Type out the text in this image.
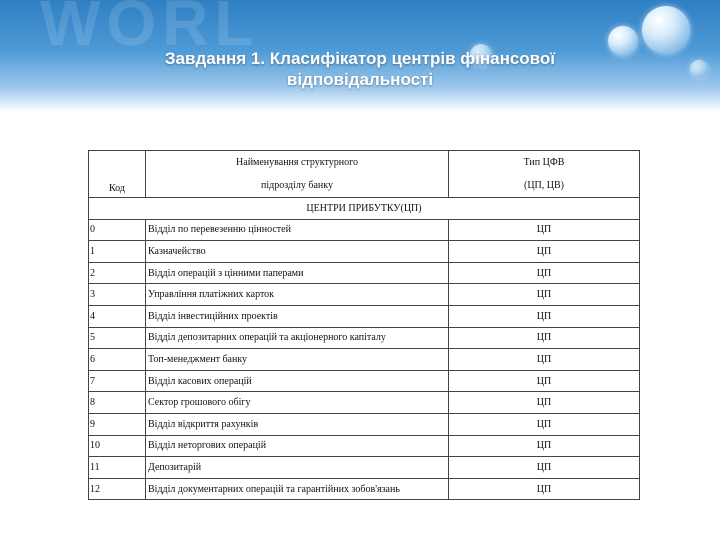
WORL
Завдання 1. Класифікатор центрів фінансової
відповідальності
Код	Найменування структурного	Тип ЦФВ
	підрозділу банку	(ЦП, ЦВ)
ЦЕНТРИ ПРИБУТКУ(ЦП)		
0	Відділ по перевезенню цінностей	ЦП
1	Казначейство	ЦП
2	Відділ операцій з цінними паперами	ЦП
3	Управління платіжних карток	ЦП
4	Відділ інвестиційних проектів	ЦП
5	Відділ депозитарних операцій та акціонерного капіталу	ЦП
6	Топ-менеджмент банку	ЦП
7	Відділ касових операцій	ЦП
8	Сектор грошового обігу	ЦП
9	Відділ відкриття рахунків	ЦП
10	Відділ неторгових операцій	ЦП
11	Депозитарій	ЦП
12	Відділ документарних операцій та гарантійних зобов'язань	ЦП
